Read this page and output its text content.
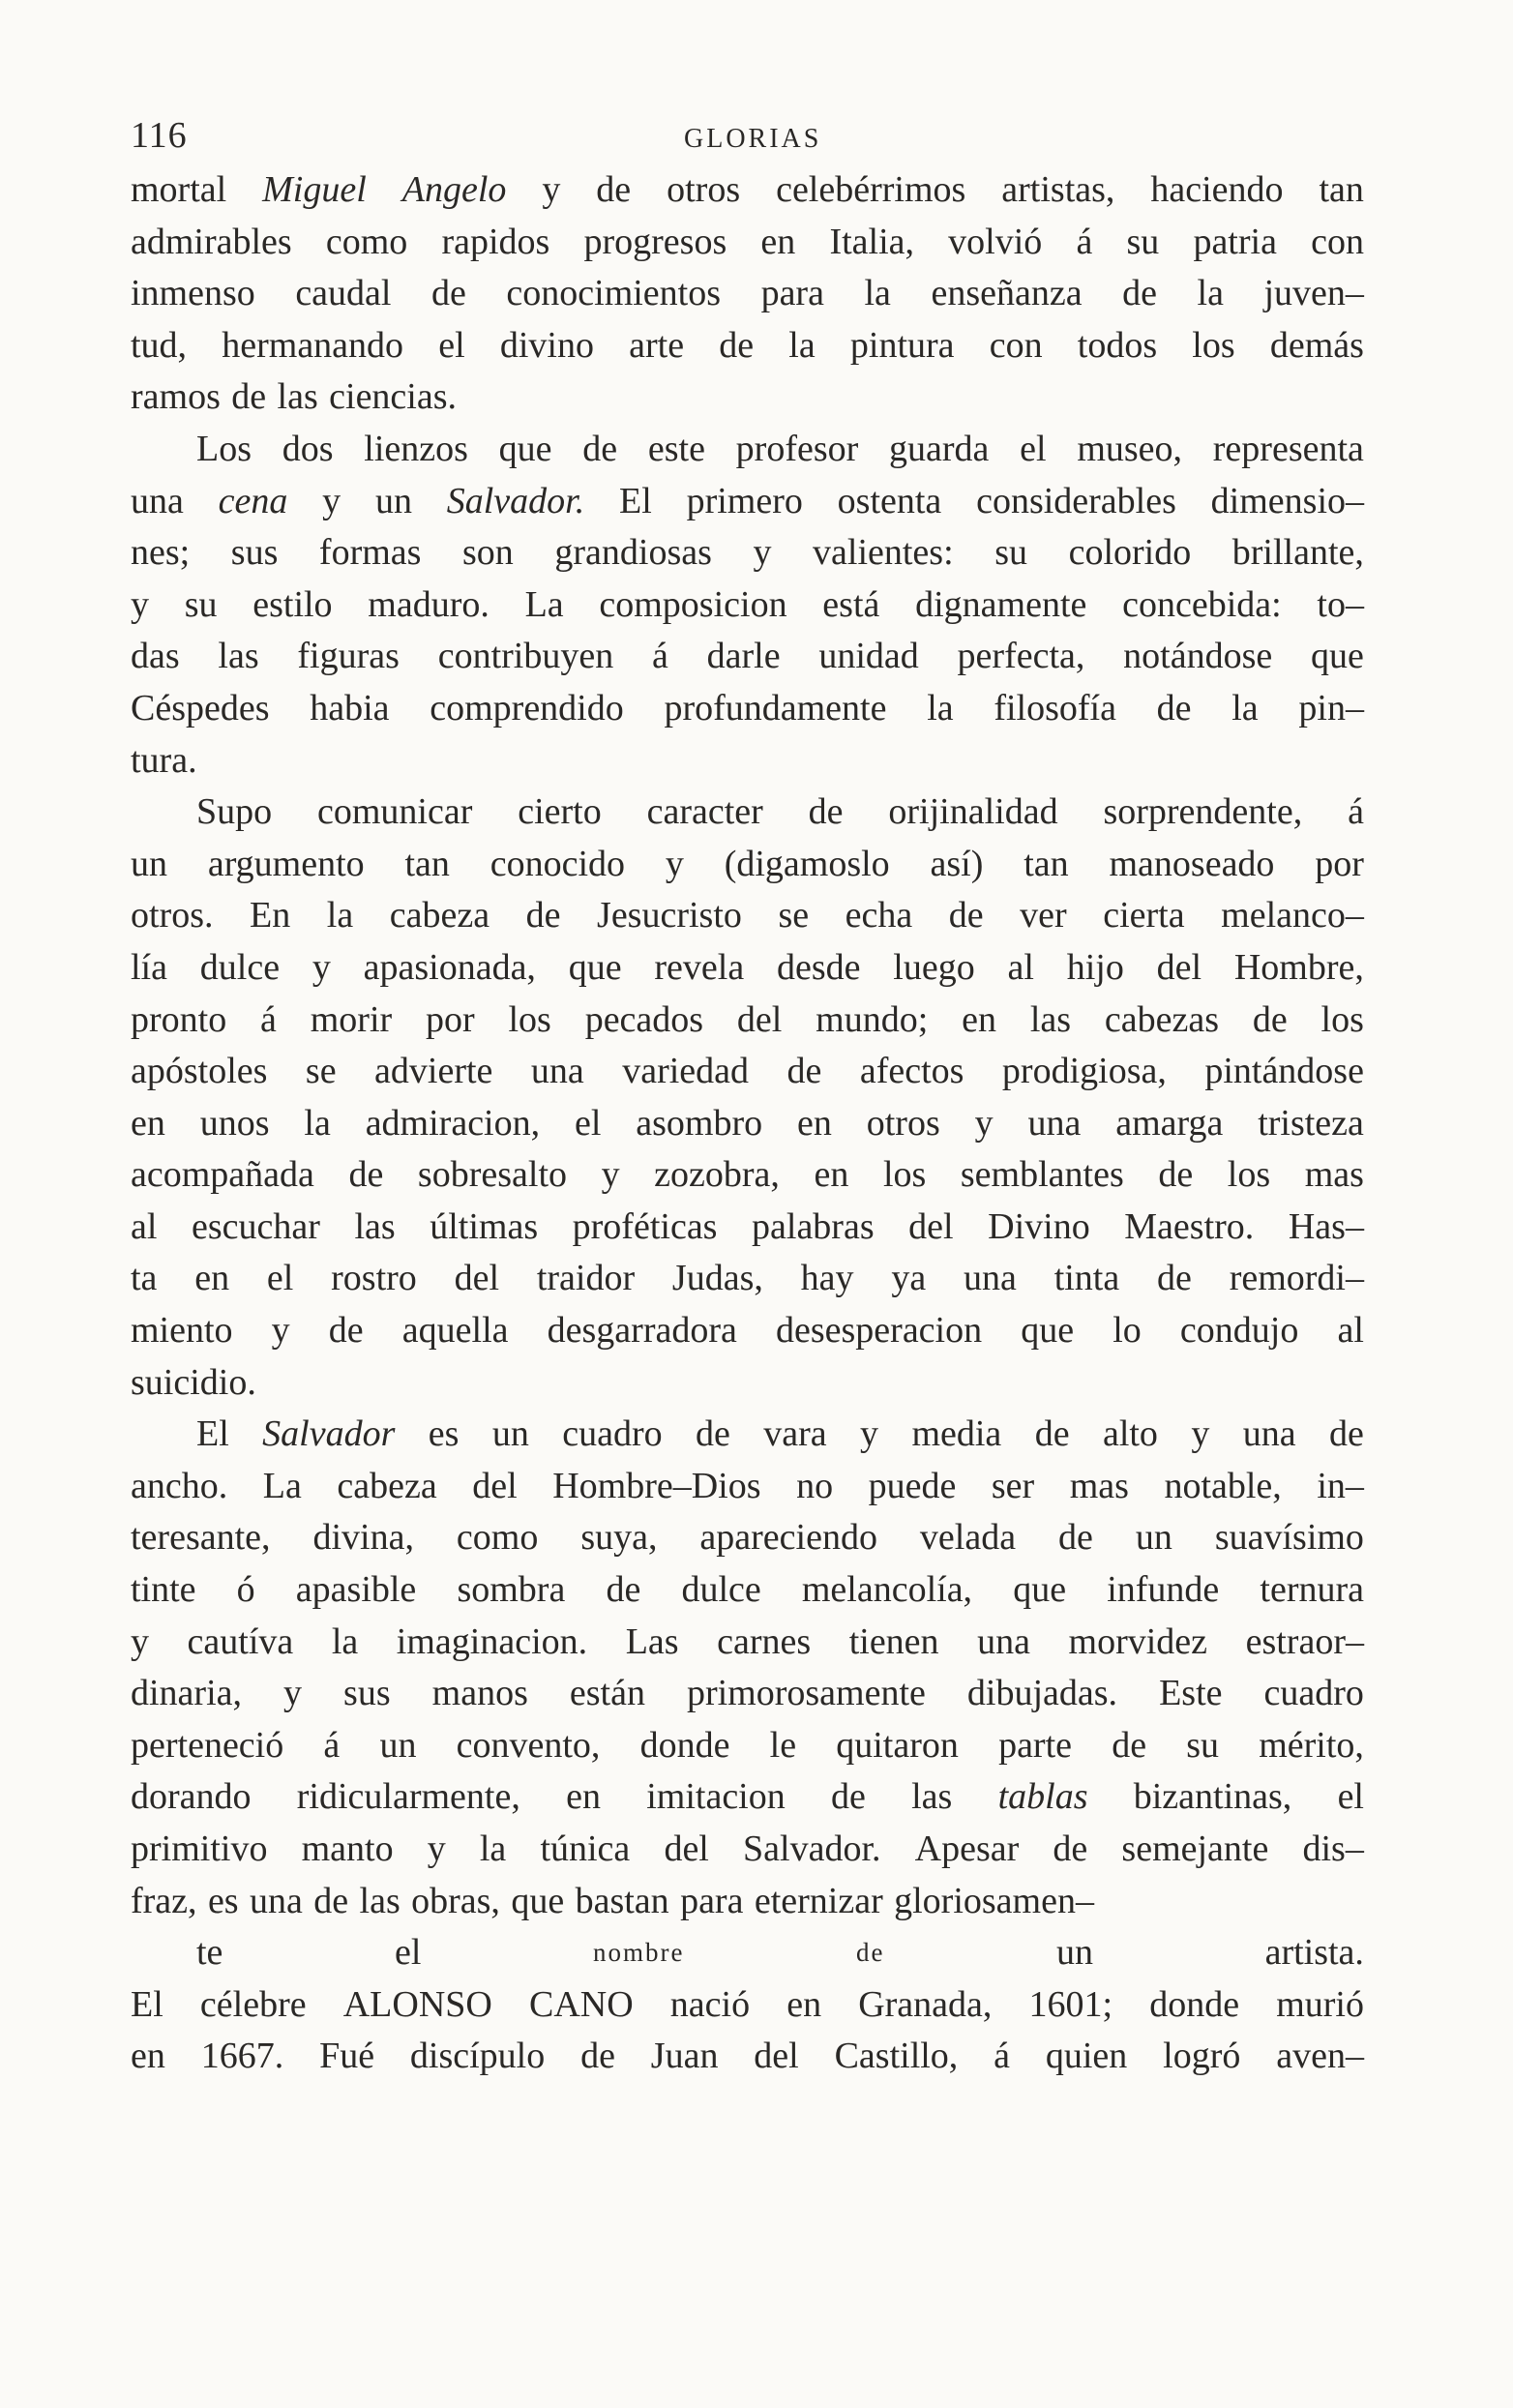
116	GLORIAS
mortal Miguel Angelo y de otros celebérrimos artistas, haciendo tan
admirables como rapidos progresos en Italia, volvió á su patria con
inmenso caudal de conocimientos para la enseñanza de la juven–
tud, hermanando el divino arte de la pintura con todos los demás
ramos de las ciencias.
Los dos lienzos que de este profesor guarda el museo, representa
una cena y un Salvador. El primero ostenta considerables dimensio–
nes; sus formas son grandiosas y valientes: su colorido brillante,
y su estilo maduro. La composicion está dignamente concebida: to–
das las figuras contribuyen á darle unidad perfecta, notándose que
Céspedes habia comprendido profundamente la filosofía de la pin–
tura.
Supo comunicar cierto caracter de orijinalidad sorprendente, á
un argumento tan conocido y (digamoslo así) tan manoseado por
otros. En la cabeza de Jesucristo se echa de ver cierta melanco–
lía dulce y apasionada, que revela desde luego al hijo del Hombre,
pronto á morir por los pecados del mundo; en las cabezas de los
apóstoles se advierte una variedad de afectos prodigiosa, pintándose
en unos la admiracion, el asombro en otros y una amarga tristeza
acompañada de sobresalto y zozobra, en los semblantes de los mas
al escuchar las últimas proféticas palabras del Divino Maestro. Has–
ta en el rostro del traidor Judas, hay ya una tinta de remordi–
miento y de aquella desgarradora desesperacion que lo condujo al
suicidio.
El Salvador es un cuadro de vara y media de alto y una de
ancho. La cabeza del Hombre–Dios no puede ser mas notable, in–
teresante, divina, como suya, apareciendo velada de un suavísimo
tinte ó apasible sombra de dulce melancolía, que infunde ternura
y cautíva la imaginacion. Las carnes tienen una morvidez estraor–
dinaria, y sus manos están primorosamente dibujadas. Este cuadro
perteneció á un convento, donde le quitaron parte de su mérito,
dorando ridicularmente, en imitacion de las tablas bizantinas, el
primitivo manto y la túnica del Salvador. Apesar de semejante dis–
fraz, es una de las obras, que bastan para eternizar gloriosamen–
te	el	nombre	de	un	artista.
El célebre ALONSO CANO nació en Granada, 1601; donde murió
en 1667. Fué discípulo de Juan del Castillo, á quien logró aven–
